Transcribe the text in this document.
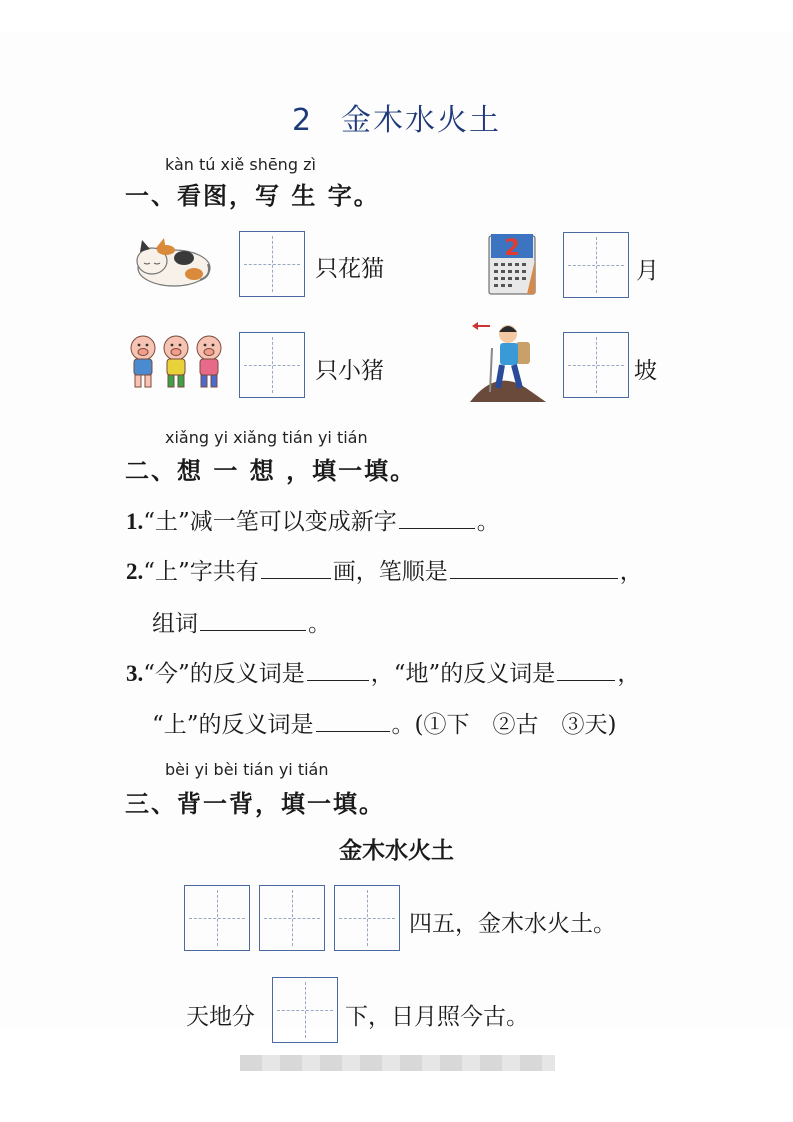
2 金木水火土
kàn tú xiě shēng zì
一、看图，写 生 字。
只花猫
2
月
只小猪	坡
xiǎng yi xiǎng tián yi tián
二、想 一 想 ，填一填。
1.“土”减一笔可以变成新字	。
2.“上”字共有	画，笔顺是	，
组词	。
3.“今”的反义词是	，“地”的反义词是	，
“上”的反义词是	。(①下　②古　③天)
bèi yi bèi tián yi tián
三、背一背，填一填。
金木水火土
四五，金木水火土。
天地分	下，日月照今古。
